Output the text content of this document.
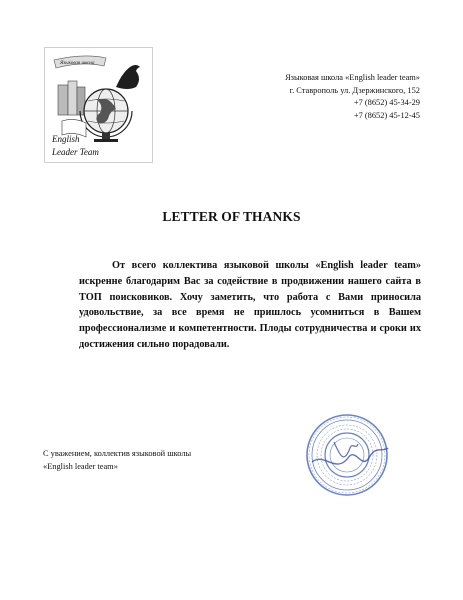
Языковая школа
English
Leader Team
Языковая школа «English leader team»
г. Ставрополь ул. Дзержинского, 152
+7 (8652) 45-34-29
+7 (8652) 45-12-45
LETTER OF THANKS
От всего коллектива языковой школы «English leader team» искренне благодарим Вас за содействие в продвижении нашего сайта в ТОП поисковиков. Хочу заметить, что работа с Вами приносила удовольствие, за все время не пришлось усомниться в Вашем профессионализме и компетентности. Плоды сотрудничества и сроки их достижения сильно порадовали.
С уважением, коллектив языковой школы
«English leader team»
